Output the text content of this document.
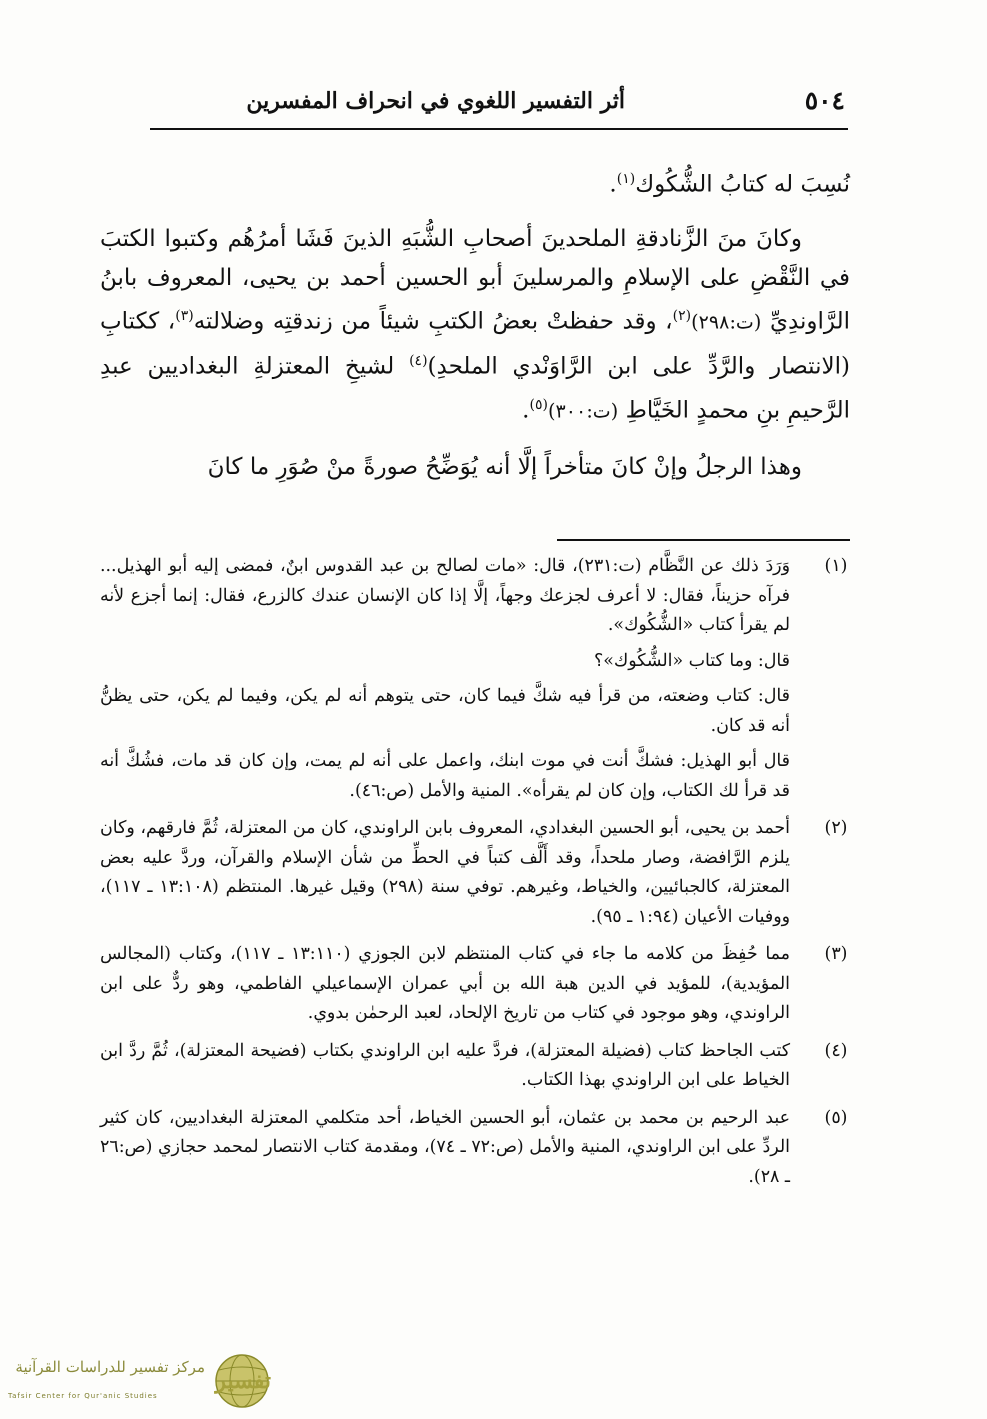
٥٠٤
أثر التفسير اللغوي في انحراف المفسرين

نُسِبَ له كتابُ الشُّكُوك$^{(١)}$.

وكانَ منَ الزَّنادقةِ الملحدينَ أصحابِ الشُّبَهِ الذينَ فَشَا أمرُهُم وكتبوا الكتبَ في النَّقْضِ على الإسلامِ والمرسلينَ أبو الحسين أحمد بن يحيى، المعروف بابنُ الرَّاوندِيِّ (ت:٢٩٨)$^{(٢)}$، وقد حفظتْ بعضُ الكتبِ شيئاً من زندقتِه وضلالته$^{(٣)}$، ككتابِ (الانتصار والرَّدِّ على ابن الرَّاوَنْدي الملحدِ)$^{(٤)}$ لشيخِ المعتزلةِ البغداديين عبدِ الرَّحيمِ بنِ محمدٍ الخَيَّاطِ (ت:٣٠٠)$^{(٥)}$.

وهذا الرجلُ وإنْ كانَ متأخراً إلَّا أنه يُوَضِّحُ صورةً منْ صُوَرِ ما كانَ

(١)

وَرَدَ ذلك عن النَّظَّام (ت:٢٣١)، قال: «مات لصالح بن عبد القدوس ابنٌ، فمضى إليه أبو الهذيل... فرآه حزيناً، فقال: لا أعرف لجزعك وجهاً، إلَّا إذا كان الإنسان عندك كالزرع، فقال: إنما أجزع لأنه لم يقرأ كتاب «الشُّكُوك».

قال: وما كتاب «الشُّكُوك»؟

قال: كتاب وضعته، من قرأ فيه شكَّ فيما كان، حتى يتوهم أنه لم يكن، وفيما لم يكن، حتى يظنُّ أنه قد كان.

قال أبو الهذيل: فشكَّ أنت في موت ابنك، واعمل على أنه لم يمت، وإن كان قد مات، فشُكَّ أنه قد قرأ لك الكتاب، وإن كان لم يقرأه». المنية والأمل (ص:٤٦).

(٢)

أحمد بن يحيى، أبو الحسين البغدادي، المعروف بابن الراوندي، كان من المعتزلة، ثُمَّ فارقهم، وكان يلزم الرَّافضة، وصار ملحداً، وقد أَلَّف كتباً في الحطِّ من شأن الإسلام والقرآن، وردَّ عليه بعض المعتزلة، كالجبائيين، والخياط، وغيرهم. توفي سنة (٢٩٨) وقيل غيرها. المنتظم (١٣:١٠٨ ـ ١١٧)، ووفيات الأعيان (١:٩٤ ـ ٩٥).

(٣)

مما حُفِظَ من كلامه ما جاء في كتاب المنتظم لابن الجوزي (١٣:١١٠ ـ ١١٧)، وكتاب (المجالس المؤيدية)، للمؤيد في الدين هبة الله بن أبي عمران الإسماعيلي الفاطمي، وهو ردٌّ على ابن الراوندي، وهو موجود في كتاب من تاريخ الإلحاد، لعبد الرحمٰن بدوي.

(٤)

كتب الجاحظ كتاب (فضيلة المعتزلة)، فردَّ عليه ابن الراوندي بكتاب (فضيحة المعتزلة)، ثُمَّ ردَّ ابن الخياط على ابن الراوندي بهذا الكتاب.

(٥)

عبد الرحيم بن محمد بن عثمان، أبو الحسين الخياط، أحد متكلمي المعتزلة البغداديين، كان كثير الردِّ على ابن الراوندي، المنية والأمل (ص:٧٢ ـ ٧٤)، ومقدمة كتاب الانتصار لمحمد حجازي (ص:٢٦ ـ ٢٨).

تفسير
مركز تفسير للدراسات القرآنية
Tafsir Center for Qur'anic Studies
